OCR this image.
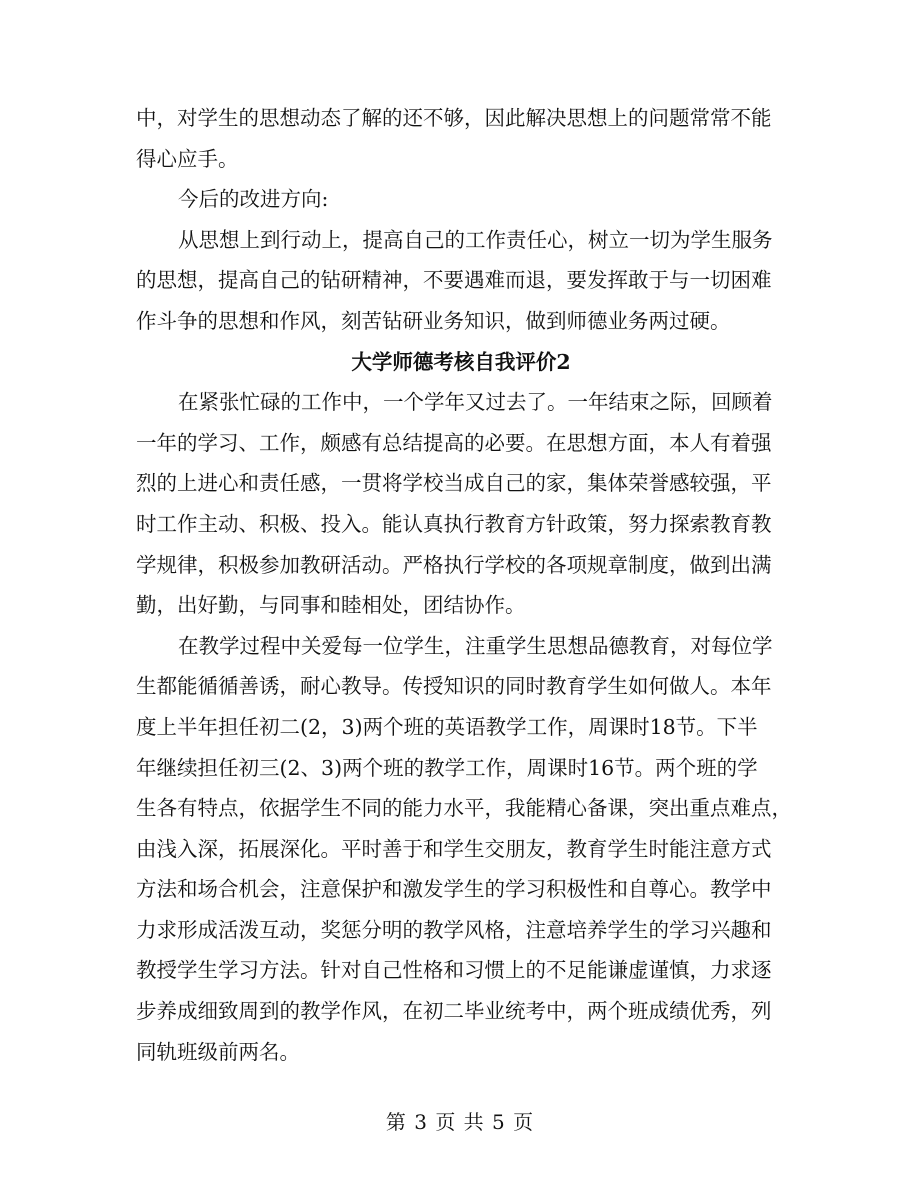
中，对学生的思想动态了解的还不够，因此解决思想上的问题常常不能
得心应手。
今后的改进方向:
从思想上到行动上，提高自己的工作责任心，树立一切为学生服务
的思想，提高自己的钻研精神，不要遇难而退，要发挥敢于与一切困难
作斗争的思想和作风，刻苦钻研业务知识，做到师德业务两过硬。
大学师德考核自我评价2
在紧张忙碌的工作中，一个学年又过去了。一年结束之际，回顾着
一年的学习、工作，颇感有总结提高的必要。在思想方面，本人有着强
烈的上进心和责任感，一贯将学校当成自己的家，集体荣誉感较强，平
时工作主动、积极、投入。能认真执行教育方针政策，努力探索教育教
学规律，积极参加教研活动。严格执行学校的各项规章制度，做到出满
勤，出好勤，与同事和睦相处，团结协作。
在教学过程中关爱每一位学生，注重学生思想品德教育，对每位学
生都能循循善诱，耐心教导。传授知识的同时教育学生如何做人。本年
度上半年担任初二(2，3)两个班的英语教学工作，周课时18节。下半
年继续担任初三(2、3)两个班的教学工作，周课时16节。两个班的学
生各有特点，依据学生不同的能力水平，我能精心备课，突出重点难点，
由浅入深，拓展深化。平时善于和学生交朋友，教育学生时能注意方式
方法和场合机会，注意保护和激发学生的学习积极性和自尊心。教学中
力求形成活泼互动，奖惩分明的教学风格，注意培养学生的学习兴趣和
教授学生学习方法。针对自己性格和习惯上的不足能谦虚谨慎，力求逐
步养成细致周到的教学作风，在初二毕业统考中，两个班成绩优秀，列
同轨班级前两名。
第 3 页 共 5 页
